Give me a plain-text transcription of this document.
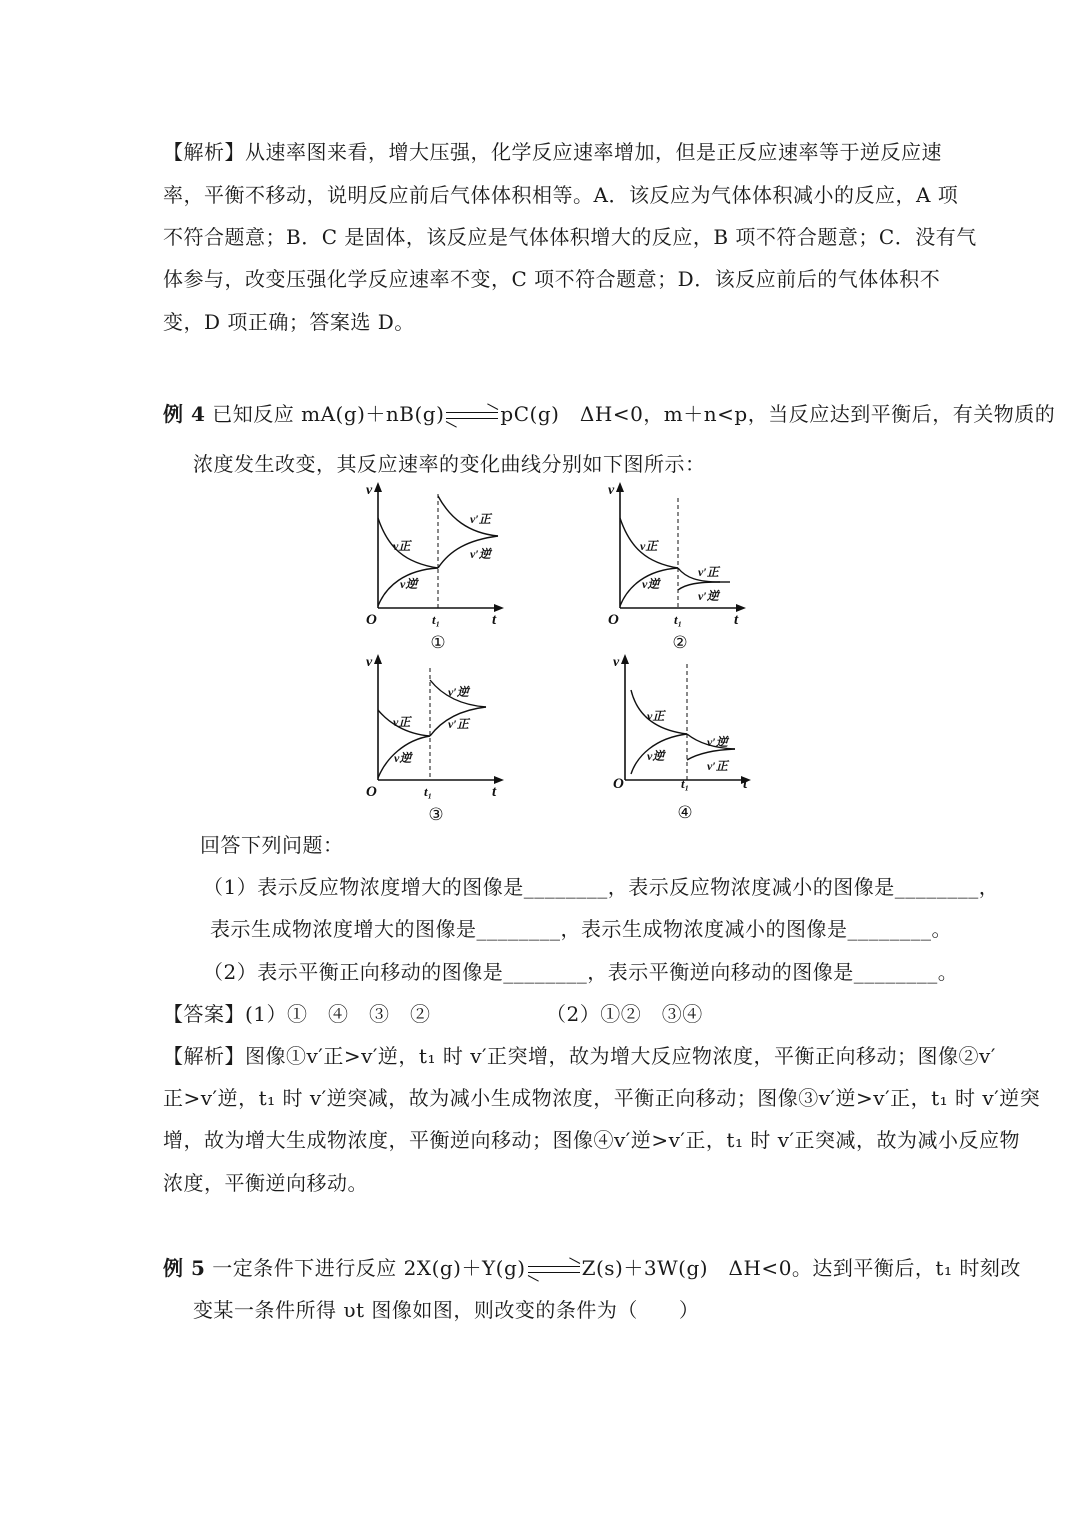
【解析】从速率图来看，增大压强，化学反应速率增加，但是正反应速率等于逆反应速
率，平衡不移动，说明反应前后气体体积相等。A．该反应为气体体积减小的反应，A 项
不符合题意；B．C 是固体，该反应是气体体积增大的反应，B 项不符合题意；C．没有气
体参与，改变压强化学反应速率不变，C 项不符合题意；D．该反应前后的气体体积不
变，D 项正确；答案选 D。
例 4 已知反应 mA(g)＋nB(g)	pC(g)　ΔH<0，m＋n<p，当反应达到平衡后，有关物质的
浓度发生改变，其反应速率的变化曲线分别如下图所示：
v
t
O	t₁
v正
v逆
v′正
v′逆
①
v
t
O	t₁
v正
v逆
v′正
v′逆
②
v
t
O	t₁
v正
v逆
v′逆
v′正
③
v
t
O	t₁
v正
v逆
v′逆
v′正
④
回答下列问题：
（1）表示反应物浓度增大的图像是________，表示反应物浓度减小的图像是________，
表示生成物浓度增大的图像是________，表示生成物浓度减小的图像是________。
（2）表示平衡正向移动的图像是________，表示平衡逆向移动的图像是________。
【答案】(1）①　④　③　②	（2）①②　③④
【解析】图像①v′正>v′逆，t₁ 时 v′正突增，故为增大反应物浓度，平衡正向移动；图像②v′
正>v′逆，t₁ 时 v′逆突减，故为减小生成物浓度，平衡正向移动；图像③v′逆>v′正，t₁ 时 v′逆突
增，故为增大生成物浓度，平衡逆向移动；图像④v′逆>v′正，t₁ 时 v′正突减，故为减小反应物
浓度，平衡逆向移动。
例 5 一定条件下进行反应 2X(g)＋Y(g)	Z(s)＋3W(g)　ΔH<0。达到平衡后，t₁ 时刻改
变某一条件所得 υt 图像如图，则改变的条件为（　　）
